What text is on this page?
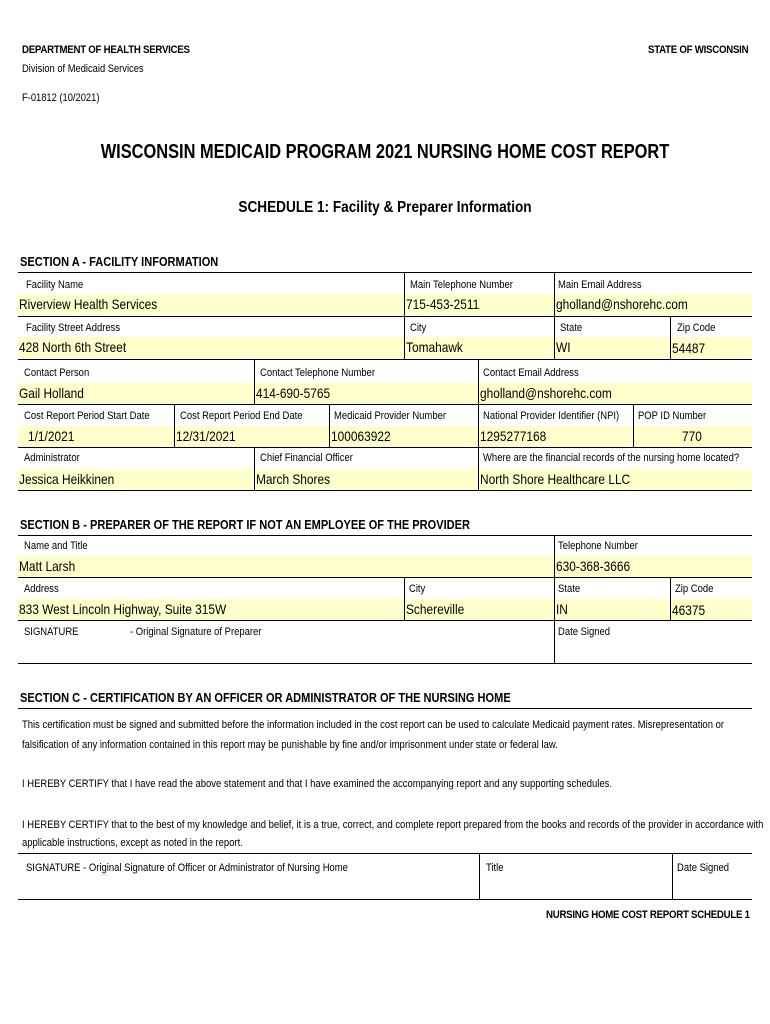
DEPARTMENT OF HEALTH SERVICES
Division of Medicaid Services
F-01812 (10/2021)
STATE OF WISCONSIN
WISCONSIN MEDICAID PROGRAM 2021 NURSING HOME COST REPORT
SCHEDULE 1: Facility & Preparer Information
SECTION A - FACILITY INFORMATION
Facility Name
Riverview Health Services
Main Telephone Number
715-453-2511
Main Email Address
gholland@nshorehc.com
Facility Street Address
428 North 6th Street
City
Tomahawk
State
WI
Zip Code
54487
Contact Person
Gail Holland
Contact Telephone Number
414-690-5765
Contact Email Address
gholland@nshorehc.com
Cost Report Period Start Date
1/1/2021
Cost Report Period End Date
12/31/2021
Medicaid Provider Number
100063922
National Provider Identifier (NPI)
1295277168
POP ID Number
770
Administrator
Jessica Heikkinen
Chief Financial Officer
March Shores
Where are the financial records of the nursing home located?
North Shore Healthcare LLC
SECTION B - PREPARER OF THE REPORT IF NOT AN EMPLOYEE OF THE PROVIDER
Name and Title
Matt Larsh
Telephone Number
630-368-3666
Address
833 West Lincoln Highway, Suite 315W
City
Schereville
State
IN
Zip Code
46375
SIGNATURE	- Original Signature of Preparer	Date Signed
SECTION C - CERTIFICATION BY AN OFFICER OR ADMINISTRATOR OF THE NURSING HOME
This certification must be signed and submitted before the information included in the cost report can be used to calculate Medicaid payment rates. Misrepresentation or
falsification of any information contained in this report may be punishable by fine and/or imprisonment under state or federal law.
I HEREBY CERTIFY that I have read the above statement and that I have examined the accompanying report and any supporting schedules.
I HEREBY CERTIFY that to the best of my knowledge and belief, it is a true, correct, and complete report prepared from the books and records of the provider in accordance with
applicable instructions, except as noted in the report.
SIGNATURE - Original Signature of Officer or Administrator of Nursing Home	Title	Date Signed
NURSING HOME COST REPORT SCHEDULE 1
